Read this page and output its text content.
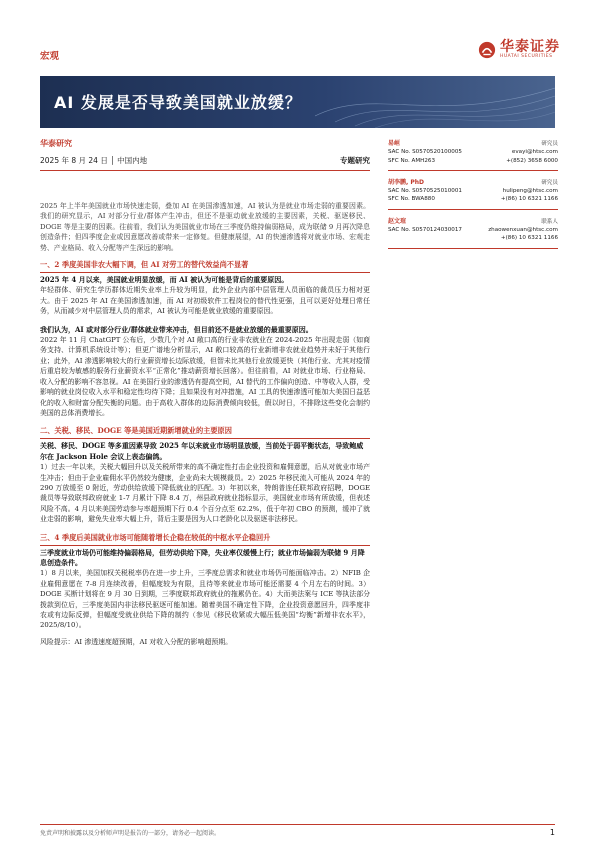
宏观
华泰证券
HUATAI SECURITIES
AI 发展是否导致美国就业放缓？
华泰研究
2025 年 8 月 24 日 │ 中国内地	专题研究
2025 年上半年美国就业市场快速走弱，叠加 AI 在美国渗透加速，AI 被认为是就业市场走弱的重要因素。我们的研究显示，AI 对部分行业/群体产生冲击，但还不是驱动就业放缓的主要因素，关税、驱逐移民、DOGE 等是主要的因素。往前看，我们认为美国就业市场在三季度仍维持偏弱格局，成为联储 9 月再次降息创造条件；但四季度企业或因意愿改善或带来一定修复。但健康展望，AI 的快速渗透将对就业市场、宏观走势、产业格局、收入分配等产生深远的影响。
一、2 季度美国非农大幅下调，但 AI 对劳工的替代效益尚不显著
2025 年 4 月以来，美国就业明显放缓，而 AI 被认为可能是背后的重要原因。
年轻群体、研究生学历群体近期失业率上升较为明显，此外企业内部中层管理人员面临的裁员压力相对更大。由于 2025 年 AI 在美国渗透加速，而 AI 对初级软件工程岗位的替代性更强，且可以更好处理日常任务，从而减少对中层管理人员的需求，AI 被认为可能是就业放缓的重要原因。
我们认为，AI 或对部分行业/群体就业带来冲击，但目前还不是就业放缓的最重要原因。
2022 年 11 月 ChatGPT 公布后，少数几个对 AI 敞口高的行业非农就业在 2024-2025 年出现走弱（如商务支持、计算机系统设计等）；但更广谱地分析显示，AI 敞口较高的行业新增非农就业趋势并未好于其他行业；此外，AI 渗透影响较大的行业薪资增长边际放缓，但智未比其他行业放缓更快（其他行业、尤其对疫情后重启较为敏感的服务行业薪资水平“正常化”推动薪资增长回落）。但往前看，AI 对就业市场、行业格局、收入分配的影响不容忽视。AI 在美国行业的渗透仍有提高空间，AI 替代的工作偏向创造、中等收入人群，受影响的就业岗位收入水平和稳定性均待下降；且如果没有对冲措施，AI 工具的快速渗透可能加大美国日益恶化的收入和财富分配失衡的问题。由于高收入群体的边际消费倾向较低，假以时日，不排除这些变化会制约美国的总体消费增长。
二、关税、移民、DOGE 等是美国近期新增就业的主要原因
关税、移民、DOGE 等多重因素导致 2025 年以来就业市场明显放缓，当前处于弱平衡状态，导致鲍威尔在 Jackson Hole 会议上表态偏鸽。
1）过去一年以来，关税大幅回升以及关税所带来的高不确定性打击企业投资和雇佣意愿，后从对就业市场产生冲击；但由于企业雇佣水平仍然较为健康，企业尚未大规模裁员。2）2025 年移民流入可能从 2024 年的 290 万放缓至 0 附近，劳动供给放缓下降低就业的匹配。3）年初以来，特朗普连任联邦政府招聘，DOGE 裁员等导致联邦政府就业 1-7 月累计下降 8.4 万，州县政府就业指标显示，美国就业市场有所放缓，但表述风险不高。4 月以来美国劳动参与率超预期下行 0.4 个百分点至 62.2%，低于年初 CBO 的预测，缓冲了就业走弱的影响，避免失业率大幅上升，背后主要是因为人口老龄化以及驱逐非法移民。
三、4 季度后美国就业市场可能随着增长企稳在较低的中枢水平企稳回升
三季度就业市场仍可能维持偏弱格局，但劳动供给下降，失业率仅缓慢上行；就业市场偏弱为联储 9 月降息创造条件。
1）8 月以来，美国加权关税税率仍在进一步上升，三季度总需求和就业市场仍可能面临冲击。2）NFIB 企业雇佣意愿在 7-8 月连续改善，但幅度较为有限，且待等来就业市场可能还需要 4 个月左右的时间。3）DOGE 买断计划将在 9 月 30 日到期，三季度联邦政府就业的拖累仍在。4）大而美法案与 ICE 等执法部分拨款到位后，三季度美国内非法移民驱逐可能加速。随着美国不确定性下降，企业投资意愿回升，四季度非农或有边际反弹，但幅度受就业供给下降的制约（参见《移民收紧或大幅压低美国“均衡”新增非农水平》，2025/8/10）。
风险提示：AI 渗透速度超预期，AI 对收入分配的影响超预期。
易峘	研究员
SAC No. S0570520100005	evayi@htsc.com
SFC No. AMH263	+(852) 3658 6000
胡李鹏, PhD	研究员
SAC No. S0570525010001	hulipeng@htsc.com
SFC No. BWA880	+(86) 10 6321 1166
赵文瑄	联系人
SAC No. S0570124030017	zhaowenxuan@htsc.com
+(86) 10 6321 1166
免责声明和披露以及分析师声明是报告的一部分，请务必一起阅读。	1
